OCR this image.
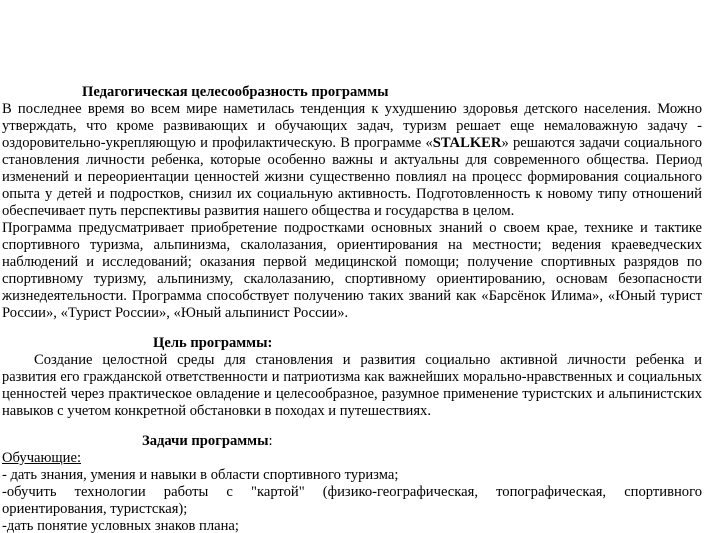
Педагогическая целесообразность программы
В последнее время во всем мире наметилась тенденция к ухудшению здоровья детского населения. Можно
утверждать, что кроме развивающих и обучающих задач, туризм решает еще немаловажную задачу -
оздоровительно-укрепляющую и профилактическую. В программе «STALKER» решаются задачи социального
становления личности ребенка, которые особенно важны и актуальны для современного общества. Период
изменений и переориентации ценностей жизни существенно повлиял на процесс формирования социального
опыта у детей и подростков, снизил их социальную активность. Подготовленность к новому типу отношений
обеспечивает путь перспективы развития нашего общества и государства в целом.
Программа предусматривает приобретение подростками основных знаний о своем крае, технике и тактике
спортивного туризма, альпинизма, скалолазания, ориентирования на местности; ведения краеведческих
наблюдений и исследований; оказания первой медицинской помощи; получение спортивных разрядов по
спортивному туризму, альпинизму, скалолазанию, спортивному ориентированию, основам безопасности
жизнедеятельности. Программа способствует получению таких званий как «Барсёнок Илима», «Юный турист
России», «Турист России», «Юный альпинист России».
Цель программы:
Создание целостной среды для становления и развития социально активной личности ребенка и
развития его гражданской ответственности и патриотизма как важнейших морально-нравственных и социальных
ценностей через практическое овладение и целесообразное, разумное применение туристских и альпинистских
навыков с учетом конкретной обстановки в походах и путешествиях.
Задачи программы:
Обучающие:
- дать знания, умения и навыки в области спортивного туризма;
-обучить технологии работы с "картой" (физико-географическая, топографическая, спортивного
ориентирования, туристская);
-дать понятие условных знаков плана;
